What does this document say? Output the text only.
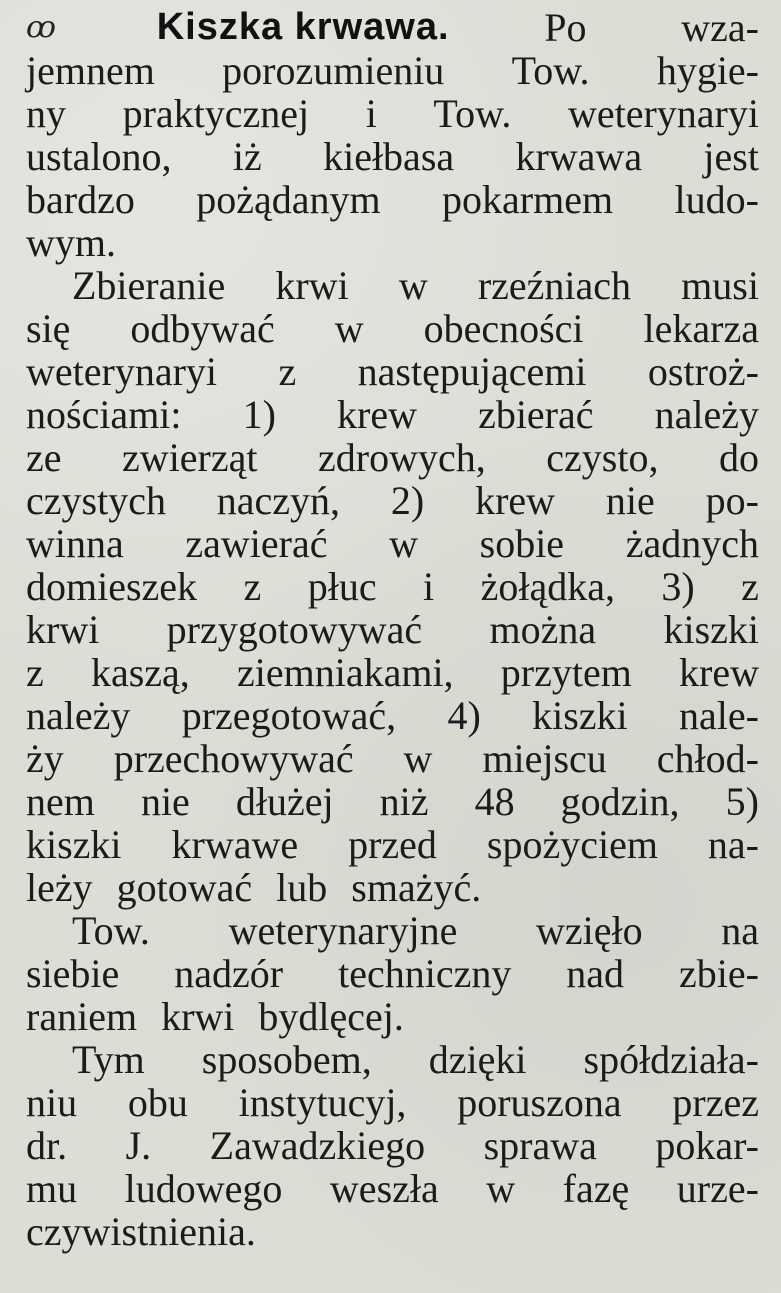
ꝏ	Kiszka krwawa. Po wza-
jemnem porozumieniu Tow. hygie-
ny praktycznej i Tow. weterynaryi
ustalono, iż kiełbasa krwawa jest
bardzo pożądanym pokarmem ludo-
wym.
Zbieranie krwi w rzeźniach musi
się odbywać w obecności lekarza
weterynaryi z następującemi ostroż-
nościami: 1) krew zbierać należy
ze zwierząt zdrowych, czysto, do
czystych naczyń, 2) krew nie po-
winna zawierać w sobie żadnych
domieszek z płuc i żołądka, 3) z
krwi przygotowywać można kiszki
z kaszą, ziemniakami, przytem krew
należy przegotować, 4) kiszki nale-
ży przechowywać w miejscu chłod-
nem nie dłużej niż 48 godzin, 5)
kiszki krwawe przed spożyciem na-
leży gotować lub smażyć.
Tow. weterynaryjne wzięło na
siebie nadzór techniczny nad zbie-
raniem krwi bydlęcej.
Tym sposobem, dzięki spółdziała-
niu obu instytucyj, poruszona przez
dr. J. Zawadzkiego sprawa pokar-
mu ludowego weszła w fazę urze-
czywistnienia.
